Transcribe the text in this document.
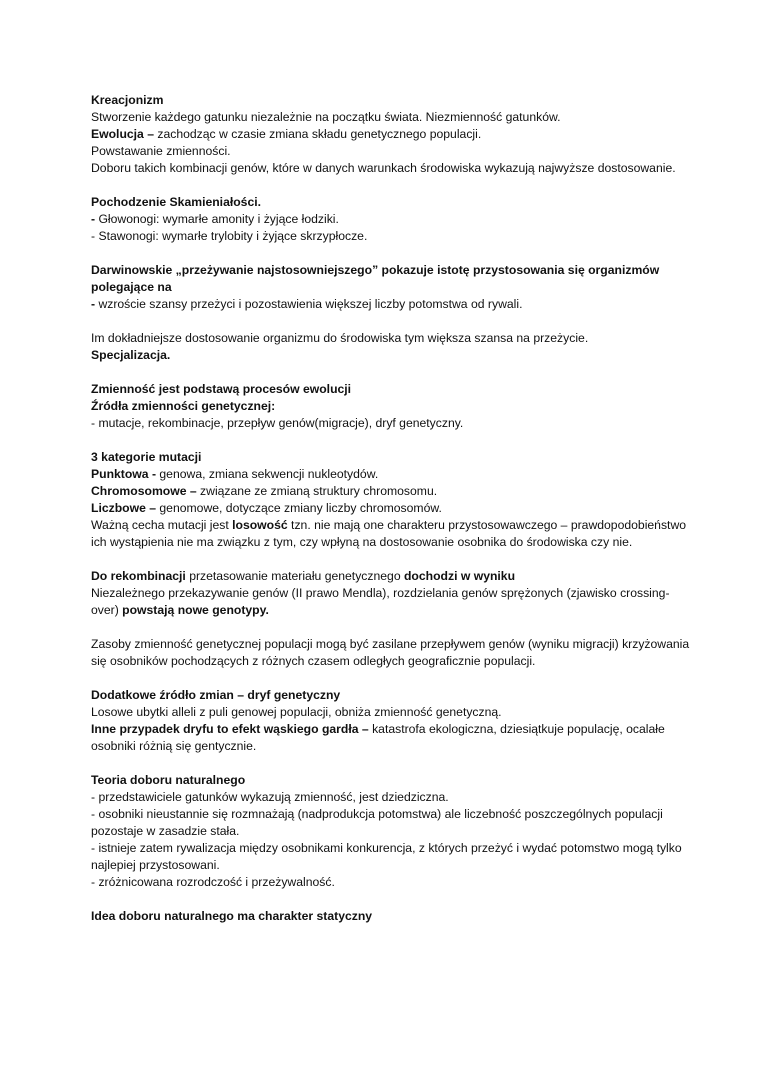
Kreacjonizm

Stworzenie każdego gatunku niezależnie na początku świata. Niezmienność gatunków.

Ewolucja – zachodząc w czasie zmiana składu genetycznego populacji.

Powstawanie zmienności.

Doboru takich kombinacji genów, które w danych warunkach środowiska wykazują najwyższe dostosowanie.

Pochodzenie Skamieniałości.

- Głowonogi: wymarłe amonity i żyjące łodziki.

- Stawonogi: wymarłe trylobity i żyjące skrzypłocze.

Darwinowskie „przeżywanie najstosowniejszego” pokazuje istotę przystosowania się organizmów polegające na

- wzroście szansy przeżyci i pozostawienia większej liczby potomstwa od rywali.

Im dokładniejsze dostosowanie organizmu do środowiska tym większa szansa na przeżycie.

Specjalizacja.

Zmienność jest podstawą procesów ewolucji

Źródła zmienności genetycznej:

- mutacje, rekombinacje, przepływ genów(migracje), dryf genetyczny.

3 kategorie mutacji

Punktowa - genowa, zmiana sekwencji nukleotydów.

Chromosomowe – związane ze zmianą struktury chromosomu.

Liczbowe – genomowe, dotyczące zmiany liczby chromosomów.

Ważną cecha mutacji jest losowość tzn. nie mają one charakteru przystosowawczego – prawdopodobieństwo ich wystąpienia nie ma związku z tym, czy wpłyną na dostosowanie osobnika do środowiska czy nie.

Do rekombinacji przetasowanie materiału genetycznego dochodzi w wyniku

Niezależnego przekazywanie genów (II prawo Mendla), rozdzielania genów sprężonych (zjawisko crossing-over) powstają nowe genotypy.

Zasoby zmienność genetycznej populacji mogą być zasilane przepływem genów (wyniku migracji) krzyżowania się osobników pochodzących z różnych czasem odległych geograficznie populacji.

Dodatkowe źródło zmian – dryf genetyczny

Losowe ubytki alleli z puli genowej populacji, obniża zmienność genetyczną.

Inne przypadek dryfu to efekt wąskiego gardła – katastrofa ekologiczna, dziesiątkuje populację, ocalałe osobniki różnią się gentycznie.

Teoria doboru naturalnego

- przedstawiciele gatunków wykazują zmienność, jest dziedziczna.

- osobniki nieustannie się rozmnażają (nadprodukcja potomstwa) ale liczebność poszczególnych populacji pozostaje w zasadzie stała.

- istnieje zatem rywalizacja między osobnikami konkurencja, z których przeżyć i wydać potomstwo mogą tylko najlepiej przystosowani.

- zróżnicowana rozrodczość i przeżywalność.

Idea doboru naturalnego ma charakter statyczny
